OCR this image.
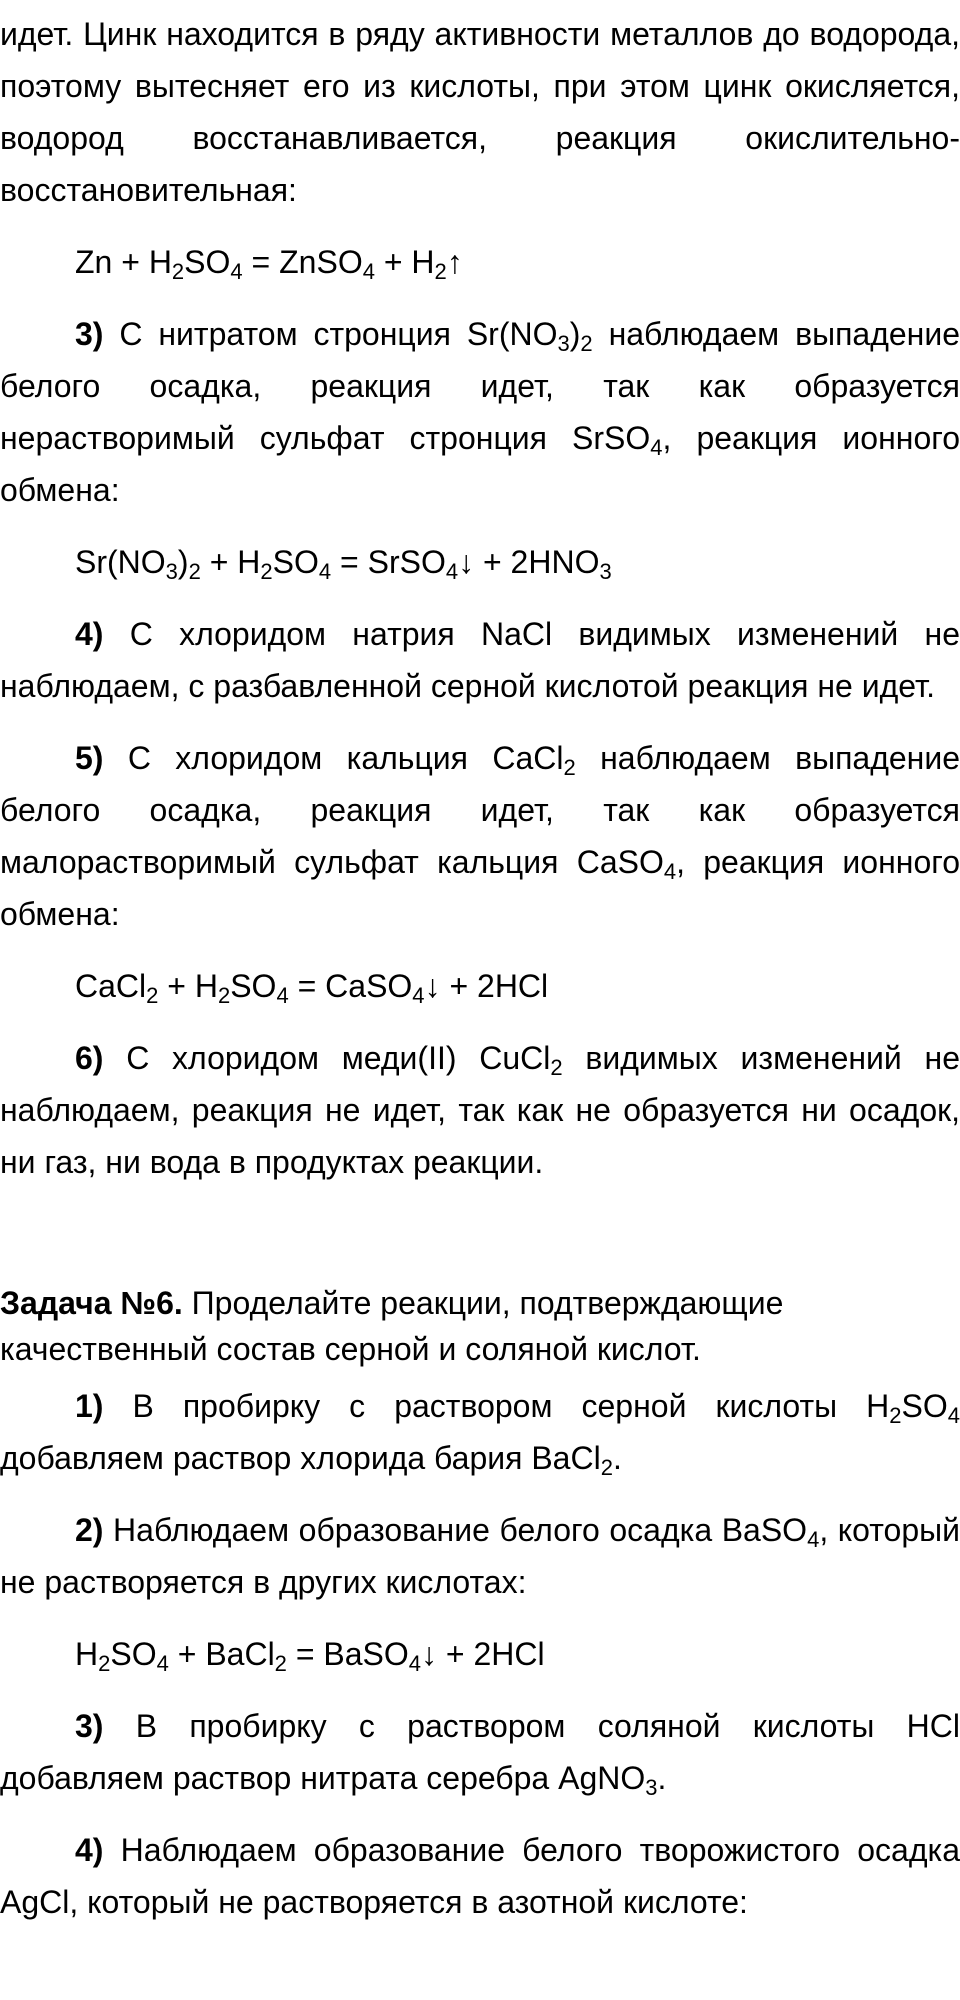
идет. Цинк находится в ряду активности металлов до водорода, поэтому вытесняет его из кислоты, при этом цинк окисляется, водород восстанавливается, реакция окислительно-восстановительная:

$Zn + H_2SO_4$ = ZnSO$_4$ + $H_2↑$

3) С нитратом стронция $Sr(NO_3)_2$ наблюдаем выпадение белого осадка, реакция идет, так как образуется нерастворимый сульфат стронция SrSO$_4$, реакция ионного обмена:

$Sr(NO_3)_2 + H_2SO_4$ = SrSO$_4$↓ + $2HNO_3$

4) С хлоридом натрия NaCl видимых изменений не наблюдаем, с разбавленной серной кислотой реакция не идет.

5) С хлоридом кальция CaCl$_2$ наблюдаем выпадение белого осадка, реакция идет, так как образуется малорастворимый сульфат кальция CaSO$_4$, реакция ионного обмена:

CaCl$_2$ + $H_2SO_4$ = CaSO$_4$↓ + 2HCl

6) С хлоридом меди(II) CuCl$_2$ видимых изменений не наблюдаем, реакция не идет, так как не образуется ни осадок, ни газ, ни вода в продуктах реакции.

Задача №6. Проделайте реакции, подтверждающие
качественный состав серной и соляной кислот.

1) В пробирку с раствором серной кислоты $H_2SO_4$ добавляем раствор хлорида бария BaCl$_2$.

2) Наблюдаем образование белого осадка BaSO$_4$, который не растворяется в других кислотах:

$H_2SO_4$ + BaCl$_2$ = BaSO$_4$↓ + 2HCl

3) В пробирку с раствором соляной кислоты HCl добавляем раствор нитрата серебра AgNO$_3$.

4) Наблюдаем образование белого творожистого осадка AgCl, который не растворяется в азотной кислоте:
